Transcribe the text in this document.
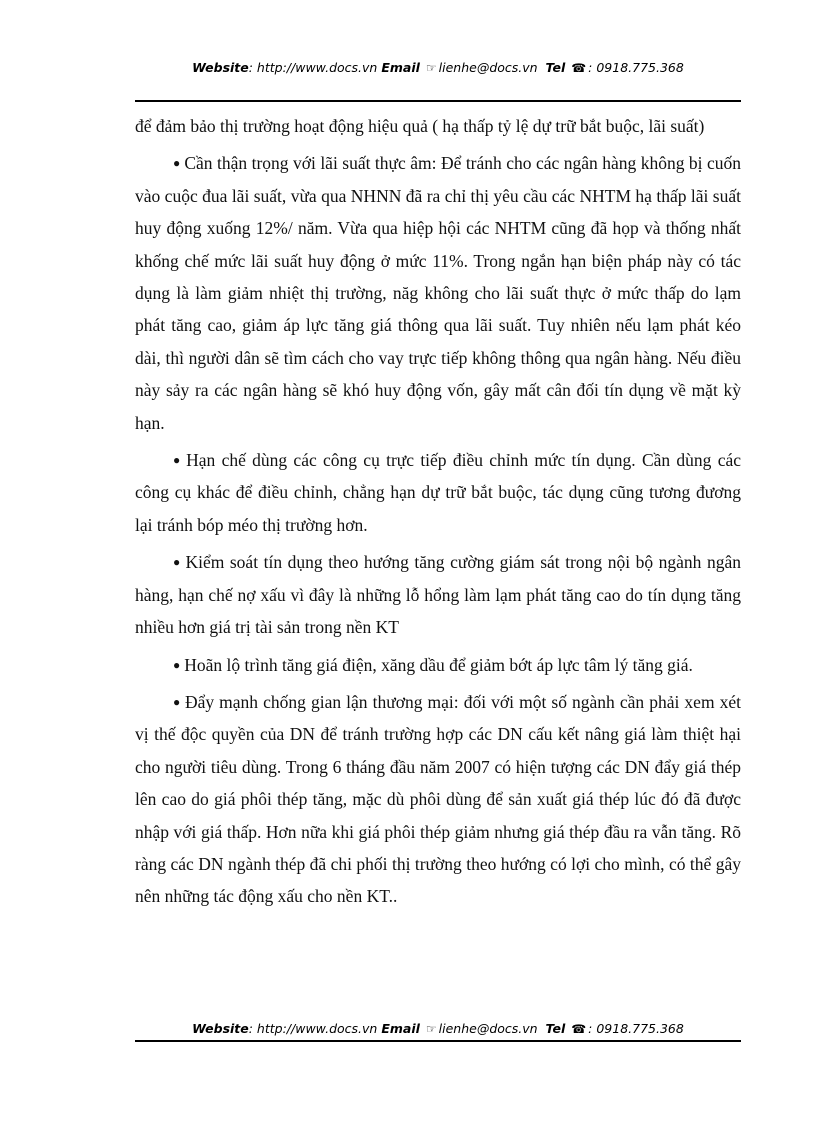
Website: http://www.docs.vn Email ☞ lienhe@docs.vn Tel ☎ : 0918.775.368

để đảm bảo thị trường hoạt động hiệu quả ( hạ thấp tỷ lệ dự trữ bắt buộc, lãi suất)

● Cần thận trọng với lãi suất thực âm: Để tránh cho các ngân hàng không bị cuốn vào cuộc đua lãi suất, vừa qua NHNN đã ra chỉ thị yêu cầu các NHTM hạ thấp lãi suất huy động xuống 12%/ năm. Vừa qua hiệp hội các NHTM cũng đã họp và thống nhất khống chế mức lãi suất huy động ở mức 11%. Trong ngắn hạn biện pháp này có tác dụng là làm giảm nhiệt thị trường, năg không cho lãi suất thực ở mức thấp do lạm phát tăng cao, giảm áp lực tăng giá thông qua lãi suất. Tuy nhiên nếu lạm phát kéo dài, thì người dân sẽ tìm cách cho vay trực tiếp không thông qua ngân hàng. Nếu điều này sảy ra các ngân hàng sẽ khó huy động vốn, gây mất cân đối tín dụng về mặt kỳ hạn.

● Hạn chế dùng các công cụ trực tiếp điều chỉnh mức tín dụng. Cần dùng các công cụ khác để điều chỉnh, chẳng hạn dự trữ bắt buộc, tác dụng cũng tương đương lại tránh bóp méo thị trường hơn.

● Kiểm soát tín dụng theo hướng tăng cường giám sát trong nội bộ ngành ngân hàng, hạn chế nợ xấu vì đây là những lỗ hổng làm lạm phát tăng cao do tín dụng tăng nhiều hơn giá trị tài sản trong nền KT

● Hoãn lộ trình tăng giá điện, xăng dầu để giảm bớt áp lực tâm lý tăng giá.

● Đẩy mạnh chống gian lận thương mại: đối với một số ngành cần phải xem xét vị thế độc quyền của DN để tránh trường hợp các DN cấu kết nâng giá làm thiệt hại cho người tiêu dùng. Trong 6 tháng đầu năm 2007 có hiện tượng các DN đẩy giá thép lên cao do giá phôi thép tăng, mặc dù phôi dùng để sản xuất giá thép lúc đó đã được nhập với giá thấp. Hơn nữa khi giá phôi thép giảm nhưng giá thép đầu ra vẫn tăng. Rõ ràng các DN ngành thép đã chi phối thị trường theo hướng có lợi cho mình, có thể gây nên những tác động xấu cho nền KT..

Website: http://www.docs.vn Email ☞ lienhe@docs.vn Tel ☎ : 0918.775.368
